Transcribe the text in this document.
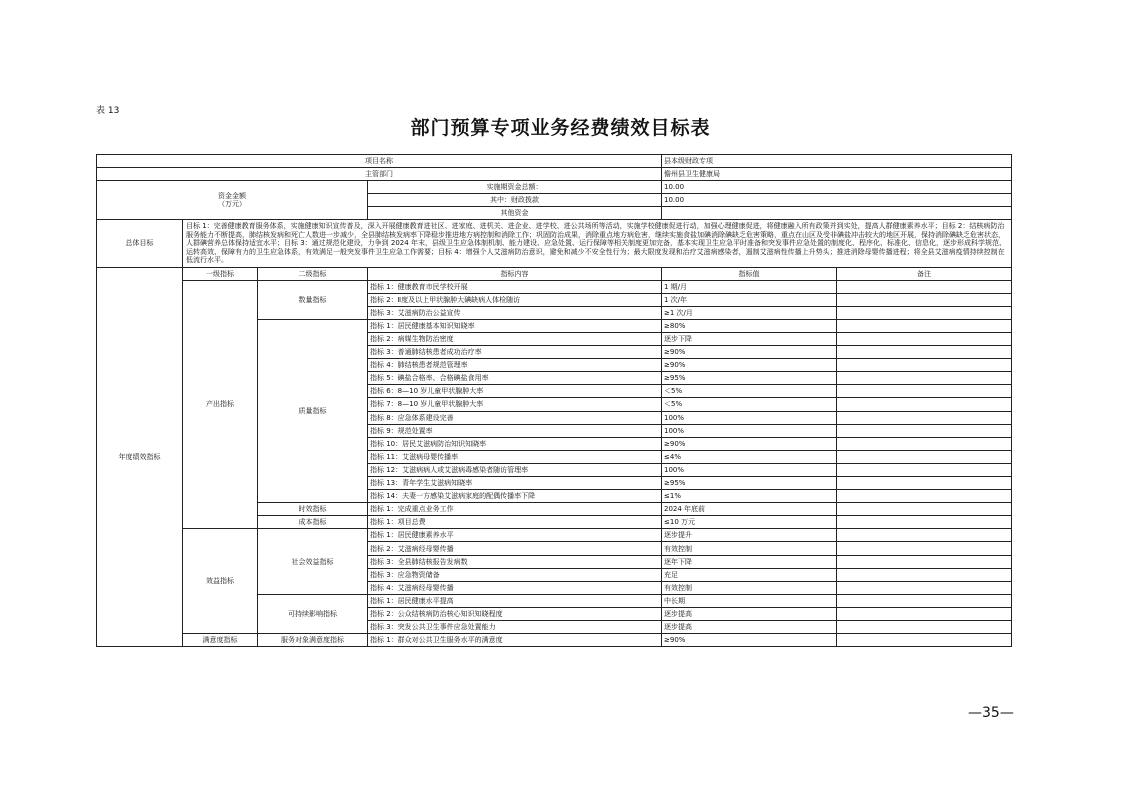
表 13
部门预算专项业务经费绩效目标表
项目名称				县本级财政专项	
主管部门				儋州县卫生健康局	
资金金额
（万元）			实施期资金总额：	10.00	
			其中：财政拨款	10.00	
			其他资金		
总体目标	目标 1：完善健康教育服务体系，实施健康知识宣传普及，深入开展健康教育进社区、进家庭、进机关、进企业、进学校、进公共场所等活动，实施学校健康促进行动，加强心理健康促进，将健康融入所有政策并到实处，提高人群健康素养水平；目标 2：结核病防治服务能力不断提高，肺结核发病和死亡人数进一步减少，全县肺结核发病率下降稳步推进地方病控制和消除工作；巩固防治成果，消除重点地方病危害，继续实施食盐加碘消除碘缺乏危害策略，重点在山区及受非碘盐冲击较大的地区开展，保持消除碘缺乏危害状态，人群碘营养总体保持适宜水平；目标 3：通过规范化建设，力争到 2024 年末，县级卫生应急体制机制、能力建设、应急处置、运行保障等相关制度更加完备，基本实现卫生应急平时准备和突发事件应急处置的制度化、程序化、标准化、信息化，逐步形成科学规范、运转高效、保障有力的卫生应急体系，有效满足一般突发事件卫生应急工作需要；目标 4：增强个人艾滋病防治意识，避免和减少不安全性行为；最大限度发现和治疗艾滋病感染者，遏制艾滋病性传播上升势头；推进消除母婴传播进程；将全县艾滋病疫情持续控制在低流行水平。				
年度绩效指标	一级指标	二级指标	指标内容	指标值	备注
	产出指标	数量指标	指标 1：健康教育市民学校开展	1 期/月	
			指标 2：Ⅱ度及以上甲状腺肿大碘缺病人体检随访	1 次/年	
			指标 3：艾滋病防治公益宣传	≥1 次/月	
		质量指标	指标 1：居民健康基本知识知晓率	≥80%	
			指标 2：病媒生物防治密度	逐步下降	
			指标 3：普通肺结核患者成功治疗率	≥90%	
			指标 4：肺结核患者规范管理率	≥90%	
			指标 5：碘盐合格率、合格碘盐食用率	≥95%	
			指标 6：8—10 岁儿童甲状腺肿大率	＜5%	
			指标 7：8—10 岁儿童甲状腺肿大率	＜5%	
			指标 8：应急体系建设完善	100%	
			指标 9：规范处置率	100%	
			指标 10：居民艾滋病防治知识知晓率	≥90%	
			指标 11：艾滋病母婴传播率	≤4%	
			指标 12：艾滋病病人或艾滋病毒感染者随访管理率	100%	
			指标 13：青年学生艾滋病知晓率	≥95%	
			指标 14：夫妻一方感染艾滋病家庭的配偶传播率下降	≤1%	
		时效指标	指标 1：完成重点业务工作	2024 年底前	
		成本指标	指标 1：项目总费	≤10 万元	
	效益指标	社会效益指标	指标 1：居民健康素养水平	逐步提升	
			指标 2：艾滋病经母婴传播	有效控制	
			指标 3：全县肺结核报告发病数	逐年下降	
			指标 3：应急物资储备	充足	
			指标 4：艾滋病经母婴传播	有效控制	
		可持续影响指标	指标 1：居民健康水平提高	中长期	
			指标 2：公众结核病防治核心知识知晓程度	逐步提高	
			指标 3：突发公共卫生事件应急处置能力	逐步提高	
	满意度指标	服务对象满意度指标	指标 1：群众对公共卫生服务水平的满意度	≥90%	
—35—
